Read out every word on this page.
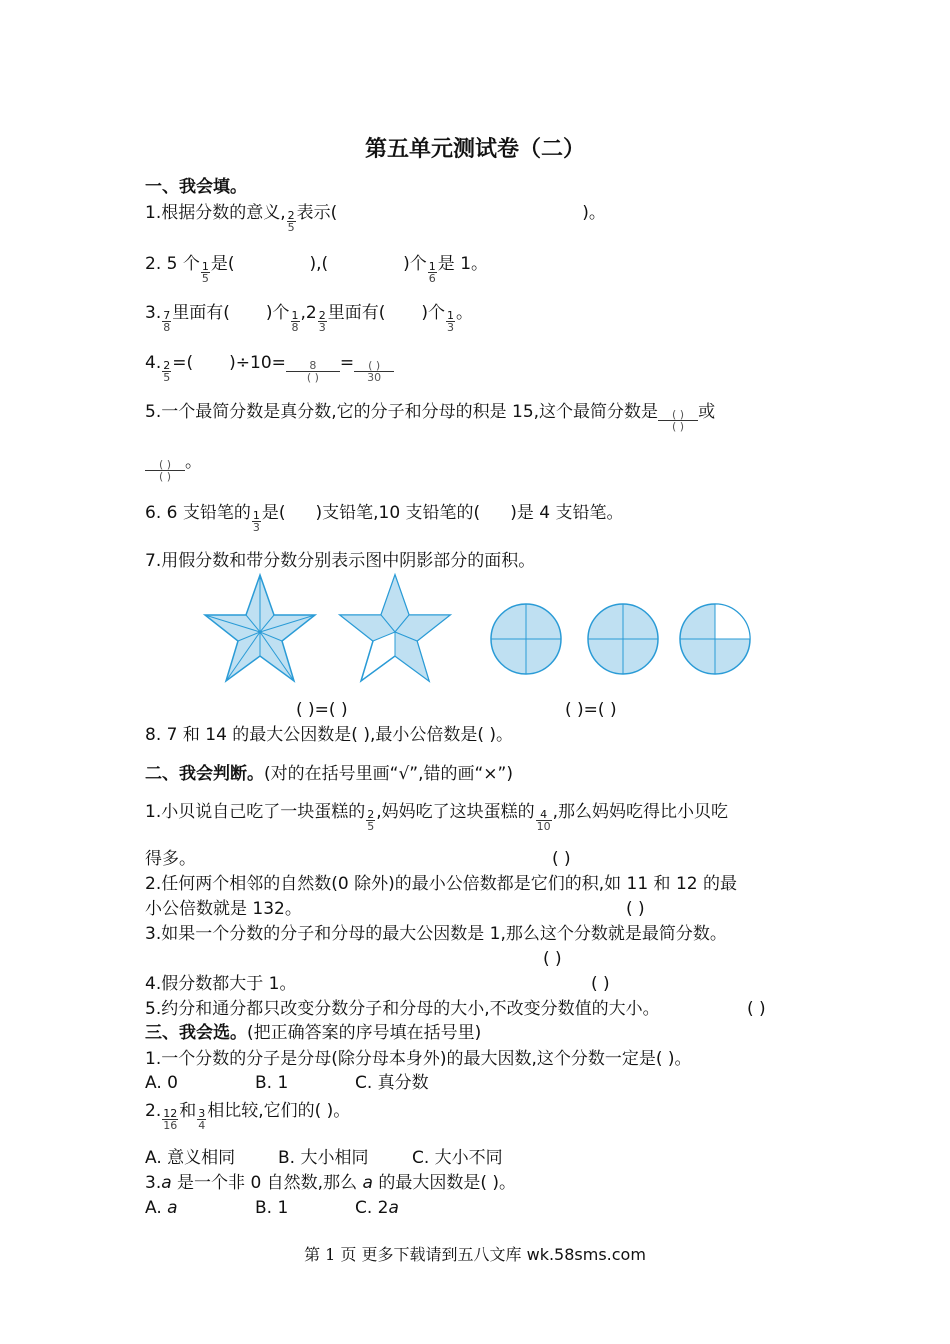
第五单元测试卷（二）
一、我会填。
1.根据分数的意义, $\frac{2}{5}$ 表示(	)。
2. 5 个 $\frac{1}{5}$ 是(	),(	)个 $\frac{1}{6}$ 是 1。
3. $\frac{7}{8}$ 里面有( )个 $\frac{1}{8} ,2 \frac{2}{3}$ 里面有( )个 $\frac{1}{3}$ 。
4. $\frac{2}{5}$ =( )÷10= 8
( )
= ( )
30
5.一个最简分数是真分数,它的分子和分母的积是 15,这个最简分数是 ( )
( )
或
( )
( )
。
6. 6 支铅笔的 $\frac{1}{3}$ 是( )支铅笔,10 支铅笔的( )是 4 支铅笔。
7.用假分数和带分数分别表示图中阴影部分的面积。
( )=( )	( )=( )
8. 7 和 14 的最大公因数是( ),最小公倍数是( )。
二、我会判断。(对的在括号里画“√”,错的画“×”)
1.小贝说自己吃了一块蛋糕的 $\frac{2}{5}$ ,妈妈吃了这块蛋糕的 $\frac{4}{10}$ ,那么妈妈吃得比小贝吃
得多。	( )
2.任何两个相邻的自然数(0 除外)的最小公倍数都是它们的积,如 11 和 12 的最
小公倍数就是 132。	( )
3.如果一个分数的分子和分母的最大公因数是 1,那么这个分数就是最简分数。
( )
4.假分数都大于 1。	( )
5.约分和通分都只改变分数分子和分母的大小,不改变分数值的大小。	( )
三、我会选。(把正确答案的序号填在括号里)
1.一个分数的分子是分母(除分母本身外)的最大因数,这个分数一定是( )。
A. 0	B. 1	C. 真分数
2. $\frac{12}{16}$ 和 $\frac{3}{4}$ 相比较,它们的( )。
A. 意义相同	B. 大小相同	C. 大小不同
3.a 是一个非 0 自然数,那么 a 的最大因数是( )。
A. a	B. 1	C. 2a
第 1 页 更多下载请到五八文库 wk.58sms.com
